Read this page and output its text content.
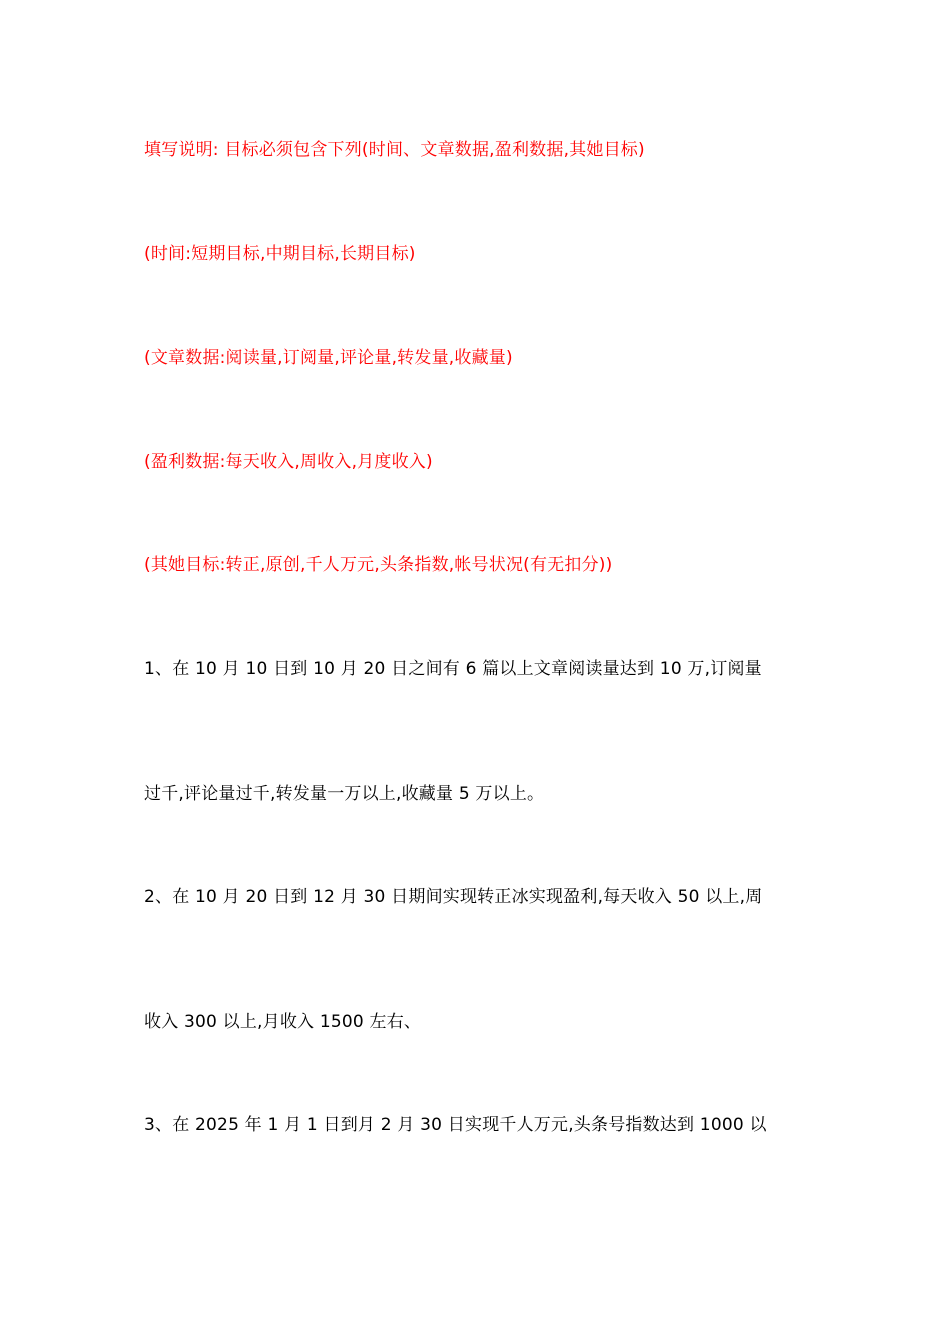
填写说明: 目标必须包含下列(时间、文章数据,盈利数据,其她目标)
(时间:短期目标,中期目标,长期目标)
(文章数据:阅读量,订阅量,评论量,转发量,收藏量)
(盈利数据:每天收入,周收入,月度收入)
(其她目标:转正,原创,千人万元,头条指数,帐号状况(有无扣分))
1、在 10 月 10 日到 10 月 20 日之间有 6 篇以上文章阅读量达到 10 万,订阅量
过千,评论量过千,转发量一万以上,收藏量 5 万以上。
2、在 10 月 20 日到 12 月 30 日期间实现转正冰实现盈利,每天收入 50 以上,周
收入 300 以上,月收入 1500 左右、
3、在 2025 年 1 月 1 日到月 2 月 30 日实现千人万元,头条号指数达到 1000 以
